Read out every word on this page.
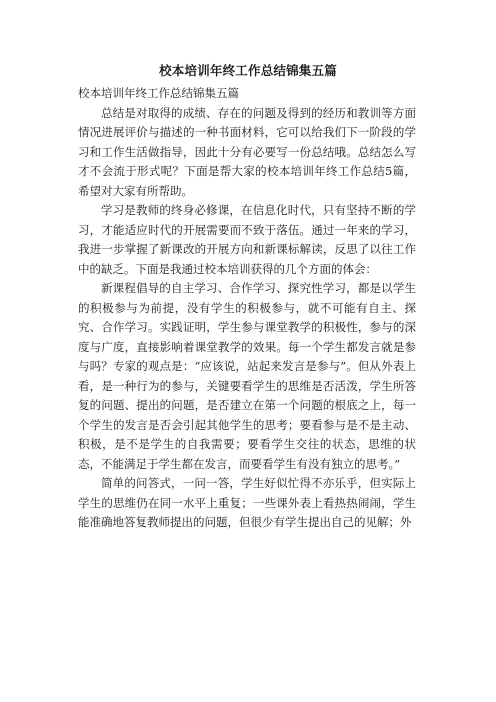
校本培训年终工作总结锦集五篇

校本培训年终工作总结锦集五篇

总结是对取得的成绩、存在的问题及得到的经历和教训等方面情况进展评价与描述的一种书面材料，它可以给我们下一阶段的学习和工作生活做指导，因此十分有必要写一份总结哦。总结怎么写才不会流于形式呢？下面是帮大家的校本培训年终工作总结5篇，希望对大家有所帮助。

学习是教师的终身必修课，在信息化时代，只有坚持不断的学习，才能适应时代的开展需要而不致于落伍。通过一年来的学习，我进一步掌握了新课改的开展方向和新课标解读，反思了以往工作中的缺乏。下面是我通过校本培训获得的几个方面的体会：

新课程倡导的自主学习、合作学习、探究性学习，都是以学生的积极参与为前提，没有学生的积极参与，就不可能有自主、探究、合作学习。实践证明，学生参与课堂教学的积极性，参与的深度与广度，直接影响着课堂教学的效果。每一个学生都发言就是参与吗？专家的观点是：“应该说，站起来发言是参与”。但从外表上看，是一种行为的参与，关键要看学生的思维是否活泼，学生所答复的问题、提出的问题，是否建立在第一个问题的根底之上，每一个学生的发言是否会引起其他学生的思考；要看参与是不是主动、积极，是不是学生的自我需要；要看学生交往的状态，思维的状态，不能满足于学生都在发言，而要看学生有没有独立的思考。”

简单的问答式，一问一答，学生好似忙得不亦乐乎，但实际上学生的思维仍在同一水平上重复；一些课外表上看热热闹闹，学生能准确地答复教师提出的问题，但很少有学生提出自己的见解；外
